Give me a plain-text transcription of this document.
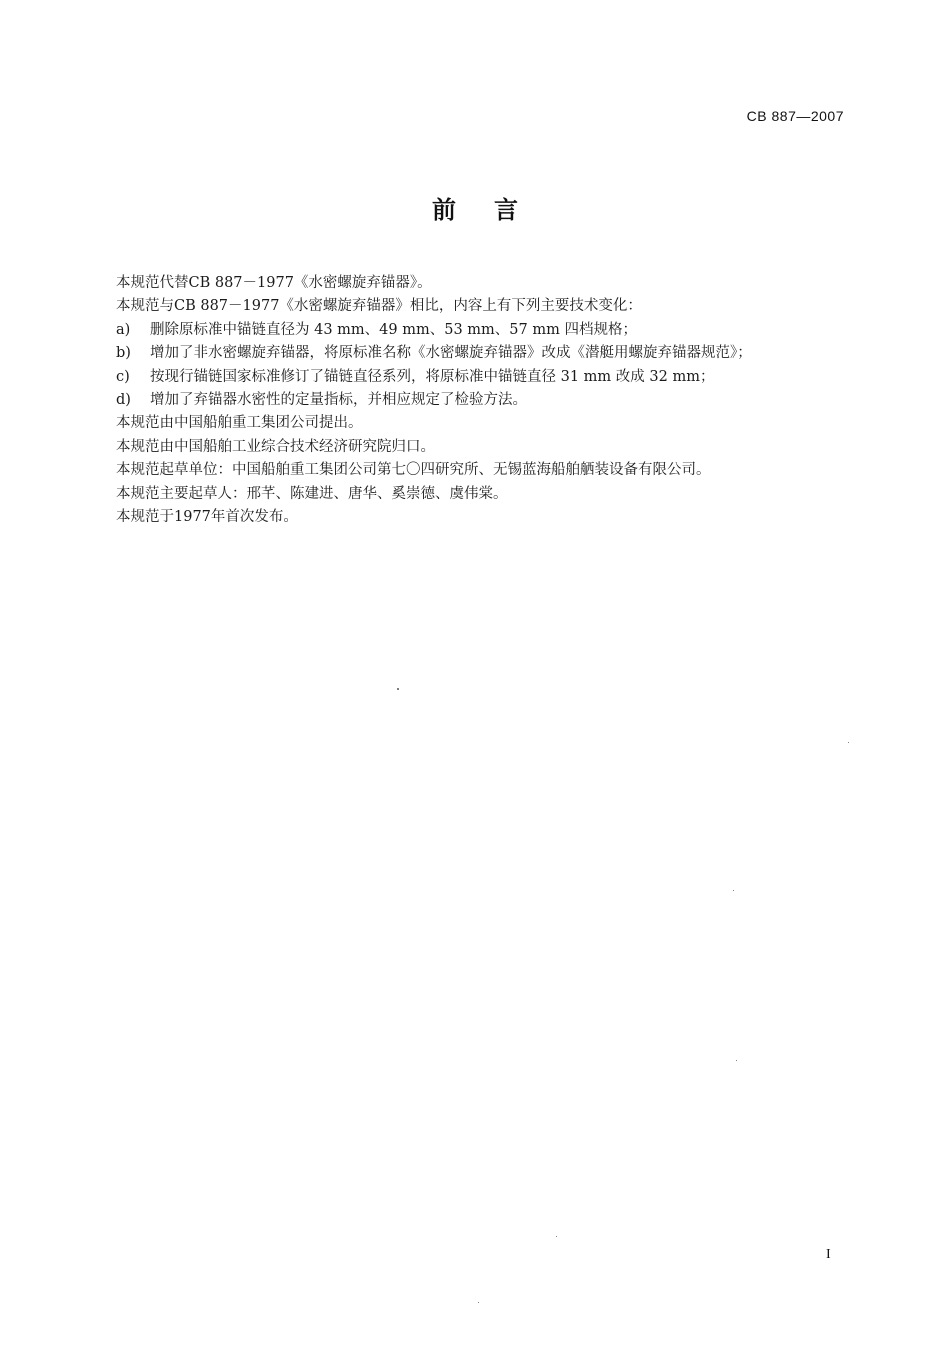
CB 887—2007
前言
本规范代替CB 887－1977《水密螺旋弃锚器》。
本规范与CB 887－1977《水密螺旋弃锚器》相比，内容上有下列主要技术变化：
a)	删除原标准中锚链直径为 43 mm、49 mm、53 mm、57 mm 四档规格；
b)	增加了非水密螺旋弃锚器，将原标准名称《水密螺旋弃锚器》改成《潜艇用螺旋弃锚器规范》；
c)	按现行锚链国家标准修订了锚链直径系列，将原标准中锚链直径 31 mm 改成 32 mm；
d)	增加了弃锚器水密性的定量指标，并相应规定了检验方法。
本规范由中国船舶重工集团公司提出。
本规范由中国船舶工业综合技术经济研究院归口。
本规范起草单位：中国船舶重工集团公司第七〇四研究所、无锡蓝海船舶舾装设备有限公司。
本规范主要起草人：邢芊、陈建进、唐华、奚崇德、虞伟棠。
本规范于1977年首次发布。
I
